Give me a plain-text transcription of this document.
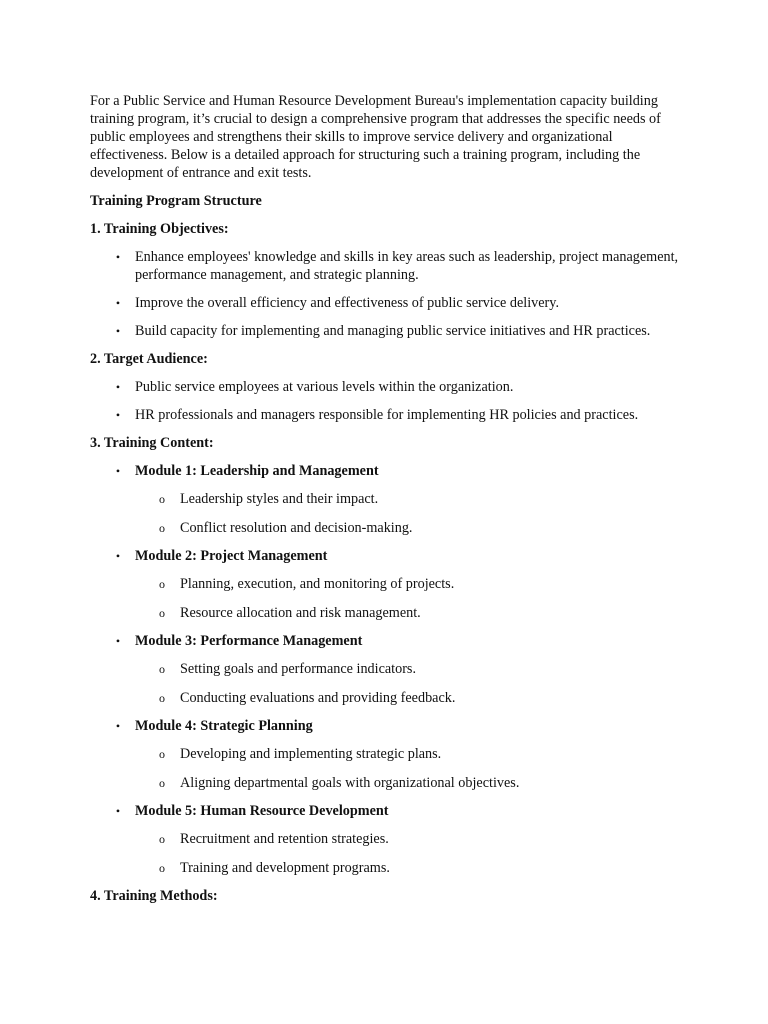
For a Public Service and Human Resource Development Bureau's implementation capacity building training program, it’s crucial to design a comprehensive program that addresses the specific needs of public employees and strengthens their skills to improve service delivery and organizational effectiveness. Below is a detailed approach for structuring such a training program, including the development of entrance and exit tests.

Training Program Structure

1. Training Objectives:

• Enhance employees' knowledge and skills in key areas such as leadership, project management, performance management, and strategic planning.
• Improve the overall efficiency and effectiveness of public service delivery.
• Build capacity for implementing and managing public service initiatives and HR practices.

2. Target Audience:

• Public service employees at various levels within the organization.
• HR professionals and managers responsible for implementing HR policies and practices.

3. Training Content:

• Module 1: Leadership and Management
o Leadership styles and their impact.
o Conflict resolution and decision-making.
• Module 2: Project Management
o Planning, execution, and monitoring of projects.
o Resource allocation and risk management.
• Module 3: Performance Management
o Setting goals and performance indicators.
o Conducting evaluations and providing feedback.
• Module 4: Strategic Planning
o Developing and implementing strategic plans.
o Aligning departmental goals with organizational objectives.
• Module 5: Human Resource Development
o Recruitment and retention strategies.
o Training and development programs.

4. Training Methods:
